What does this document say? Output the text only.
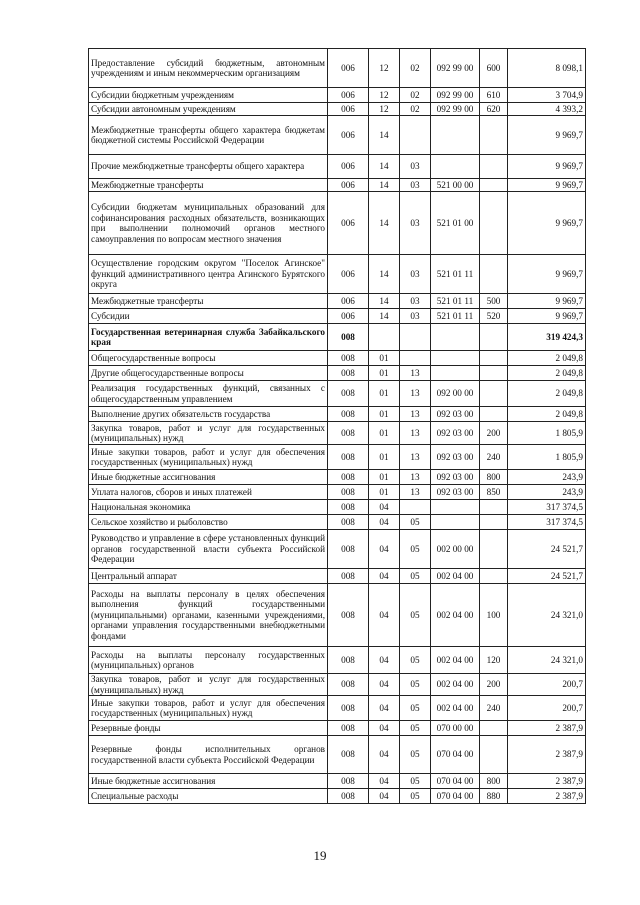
Предоставление субсидий бюджетным, автономным учреждениям и иным некоммерческим организациям	006	12	02	092 99 00	600	8 098,1
Субсидии бюджетным учреждениям	006	12	02	092 99 00	610	3 704,9
Субсидии автономным учреждениям	006	12	02	092 99 00	620	4 393,2
Межбюджетные трансферты общего характера бюджетам бюджетной системы Российской Федерации	006	14				9 969,7
Прочие межбюджетные трансферты общего характера	006	14	03			9 969,7
Межбюджетные трансферты	006	14	03	521 00 00		9 969,7
Субсидии бюджетам муниципальных образований для софинансирования расходных обязательств, возникающих при выполнении полномочий органов местного самоуправления по вопросам местного значения	006	14	03	521 01 00		9 969,7
Осуществление городским округом "Поселок Агинское" функций административного центра Агинского Бурятского округа	006	14	03	521 01 11		9 969,7
Межбюджетные трансферты	006	14	03	521 01 11	500	9 969,7
Субсидии	006	14	03	521 01 11	520	9 969,7
Государственная ветеринарная служба Забайкальского края	008					319 424,3
Общегосударственные вопросы	008	01				2 049,8
Другие общегосударственные вопросы	008	01	13			2 049,8
Реализация государственных функций, связанных с общегосударственным управлением	008	01	13	092 00 00		2 049,8
Выполнение других обязательств государства	008	01	13	092 03 00		2 049,8
Закупка товаров, работ и услуг для государственных (муниципальных) нужд	008	01	13	092 03 00	200	1 805,9
Иные закупки товаров, работ и услуг для обеспечения государственных (муниципальных) нужд	008	01	13	092 03 00	240	1 805,9
Иные бюджетные ассигнования	008	01	13	092 03 00	800	243,9
Уплата налогов, сборов и иных платежей	008	01	13	092 03 00	850	243,9
Национальная экономика	008	04				317 374,5
Сельское хозяйство и рыболовство	008	04	05			317 374,5
Руководство и управление в сфере установленных функций органов государственной власти субъекта Российской Федерации	008	04	05	002 00 00		24 521,7
Центральный аппарат	008	04	05	002 04 00		24 521,7
Расходы на выплаты персоналу в целях обеспечения выполнения функций государственными (муниципальными) органами, казенными учреждениями, органами управления государственными внебюджетными фондами	008	04	05	002 04 00	100	24 321,0
Расходы на выплаты персоналу государственных (муниципальных) органов	008	04	05	002 04 00	120	24 321,0
Закупка товаров, работ и услуг для государственных (муниципальных) нужд	008	04	05	002 04 00	200	200,7
Иные закупки товаров, работ и услуг для обеспечения государственных (муниципальных) нужд	008	04	05	002 04 00	240	200,7
Резервные фонды	008	04	05	070 00 00		2 387,9
Резервные фонды исполнительных органов государственной власти субъекта Российской Федерации	008	04	05	070 04 00		2 387,9
Иные бюджетные ассигнования	008	04	05	070 04 00	800	2 387,9
Специальные расходы	008	04	05	070 04 00	880	2 387,9
19
